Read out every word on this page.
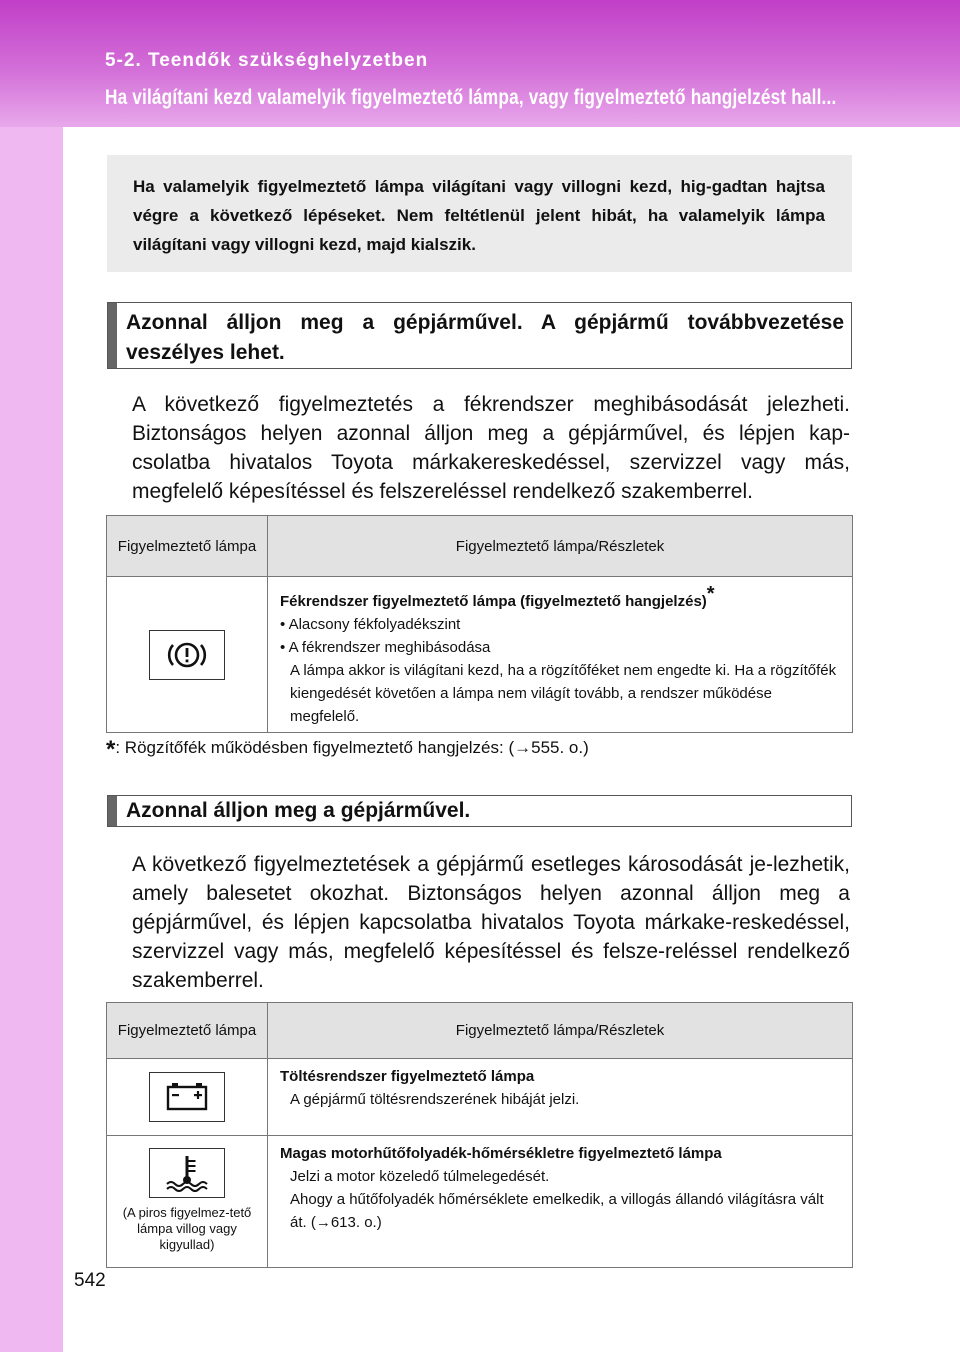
5-2. Teendők szükséghelyzetben
Ha világítani kezd valamelyik figyelmeztető lámpa, vagy figyelmeztető hangjelzést hall...
Ha valamelyik figyelmeztető lámpa világítani vagy villogni kezd, hig-gadtan hajtsa végre a következő lépéseket. Nem feltétlenül jelent hibát, ha valamelyik lámpa világítani vagy villogni kezd, majd kialszik.
Azonnal álljon meg a gépjárművel. A gépjármű továbbvezetése veszélyes lehet.
A következő figyelmeztetés a fékrendszer meghibásodását jelezheti. Biztonságos helyen azonnal álljon meg a gépjárművel, és lépjen kap-csolatba hivatalos Toyota márkakereskedéssel, szervizzel vagy más, megfelelő képesítéssel és felszereléssel rendelkező szakemberrel.
Figyelmeztető lámpa	Figyelmeztető lámpa/Részletek

Fékrendszer figyelmeztető lámpa (figyelmeztető hangjelzés)*
• Alacsony fékfolyadékszint
• A fékrendszer meghibásodása
A lámpa akkor is világítani kezd, ha a rögzítőféket nem engedte ki. Ha a rögzítőfék kiengedését követően a lámpa nem világít tovább, a rendszer működése megfelelő.
*: Rögzítőfék működésben figyelmeztető hangjelzés: (→555. o.)
Azonnal álljon meg a gépjárművel.
A következő figyelmeztetések a gépjármű esetleges károsodását je-lezhetik, amely balesetet okozhat. Biztonságos helyen azonnal álljon meg a gépjárművel, és lépjen kapcsolatba hivatalos Toyota márkake-reskedéssel, szervizzel vagy más, megfelelő képesítéssel és felsze-reléssel rendelkező szakemberrel.
Figyelmeztető lámpa	Figyelmeztető lámpa/Részletek

Töltésrendszer figyelmeztető lámpa
A gépjármű töltésrendszerének hibáját jelzi.

(A piros figyelmez-tető lámpa villog vagy kigyullad)	Magas motorhűtőfolyadék-hőmérsékletre figyelmeztető lámpa
Jelzi a motor közeledő túlmelegedését.
Ahogy a hűtőfolyadék hőmérséklete emelkedik, a villogás állandó világításra vált át. (→613. o.)
542
